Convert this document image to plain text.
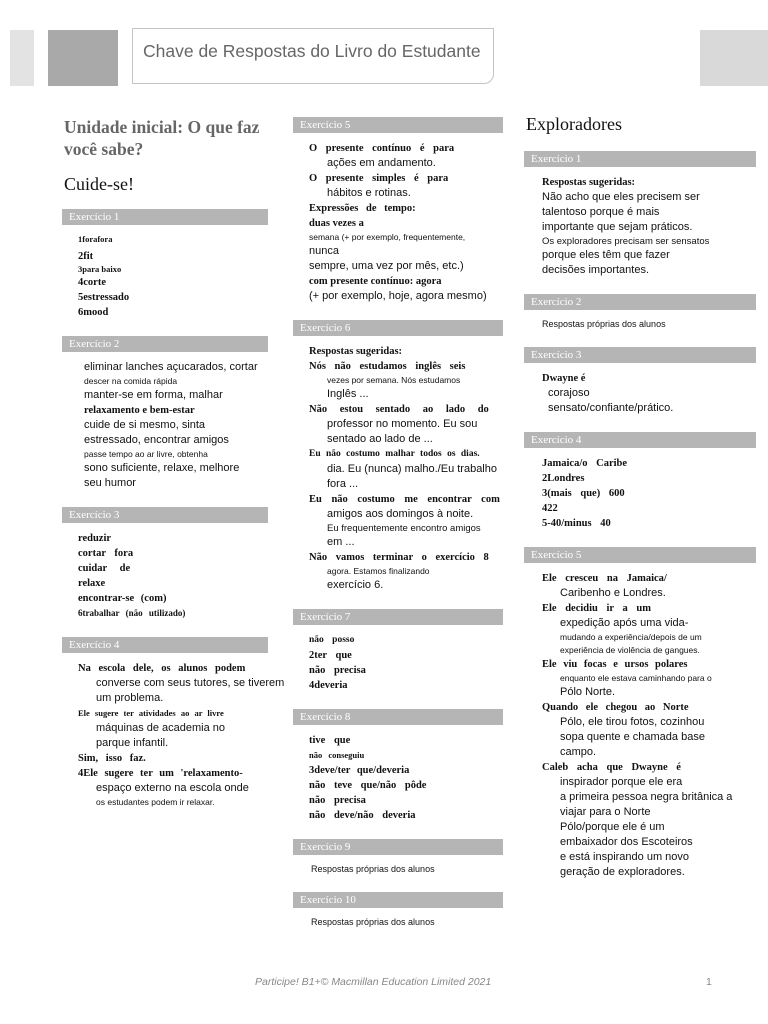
Chave de Respostas do Livro do Estudante
Unidade inicial: O que faz você sabe?
Cuide-se!
Exercício 1
1forafora
2fit
3para baixo
4corte
5estressado
6mood
Exercício 2
eliminar lanches açucarados, cortar
descer na comida rápida
manter-se em forma, malhar
relaxamento e bem-estar
cuide de si mesmo, sinta
estressado, encontrar amigos
passe tempo ao ar livre, obtenha
sono suficiente, relaxe, melhore
seu humor
Exercício 3
reduzir
cortar fora
cuidar de
relaxe
encontrar-se (com)
6trabalhar (não utilizado)
Exercício 4
Na escola dele, os alunos podem
converse com seus tutores, se tiverem
um problema.
Ele sugere ter atividades ao ar livre
máquinas de academia no
parque infantil.
Sim, isso faz.
4Ele sugere ter um 'relaxamento-
espaço externo na escola onde
os estudantes podem ir relaxar.
Exercício 5
O presente contínuo é para
ações em andamento.
O presente simples é para
hábitos e rotinas.
Expressões de tempo:
duas vezes a
semana (+ por exemplo, frequentemente,
nunca
sempre, uma vez por mês, etc.)
com presente contínuo: agora
(+ por exemplo, hoje, agora mesmo)
Exercício 6
Respostas sugeridas:
Nós não estudamos inglês seis
vezes por semana. Nós estudamos
Inglês ...
Não estou sentado ao lado do
professor no momento. Eu sou
sentado ao lado de ...
Eu não costumo malhar todos os dias.
dia. Eu (nunca) malho./Eu trabalho
fora ...
Eu não costumo me encontrar com
amigos aos domingos à noite.
Eu frequentemente encontro amigos
em ...
Não vamos terminar o exercício 8
agora. Estamos finalizando
exercício 6.
Exercício 7
não posso
2ter que
não precisa
4deveria
Exercício 8
tive que
não conseguiu
3deve/ter que/deveria
não teve que/não pôde
não precisa
não deve/não deveria
Exercício 9
Respostas próprias dos alunos
Exercício 10
Respostas próprias dos alunos
Exploradores
Exercício 1
Respostas sugeridas:
Não acho que eles precisem ser
talentoso porque é mais
importante que sejam práticos.
Os exploradores precisam ser sensatos
porque eles têm que fazer
decisões importantes.
Exercício 2
Respostas próprias dos alunos
Exercício 3
Dwayne é
corajoso
sensato/confiante/prático.
Exercício 4
Jamaica/o Caribe
2Londres
3(mais que) 600
422
5-40/minus 40
Exercício 5
Ele cresceu na Jamaica/
Caribenho e Londres.
Ele decidiu ir a um
expedição após uma vida-
mudando a experiência/depois de um
experiência de violência de gangues.
Ele viu focas e ursos polares
enquanto ele estava caminhando para o
Pólo Norte.
Quando ele chegou ao Norte
Pólo, ele tirou fotos, cozinhou
sopa quente e chamada base
campo.
Caleb acha que Dwayne é
inspirador porque ele era
a primeira pessoa negra britânica a
viajar para o Norte
Pólo/porque ele é um
embaixador dos Escoteiros
e está inspirando um novo
geração de exploradores.
Participe! B1+© Macmillan Education Limited 2021	1
